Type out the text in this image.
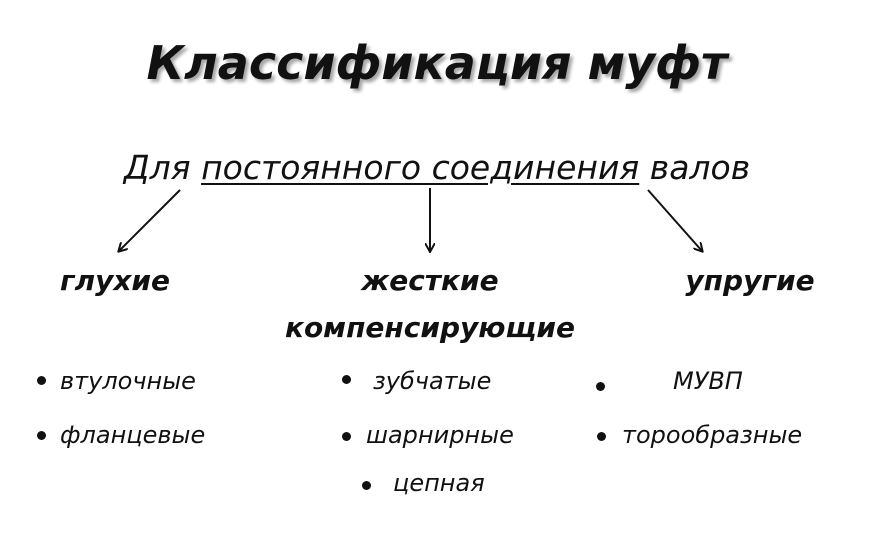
Классификация муфт
Для постоянного соединения валов
глухие	жесткие
компенсирующие
упругие
втулочные
фланцевые
зубчатые
шарнирные
цепная
МУВП
торообразные
